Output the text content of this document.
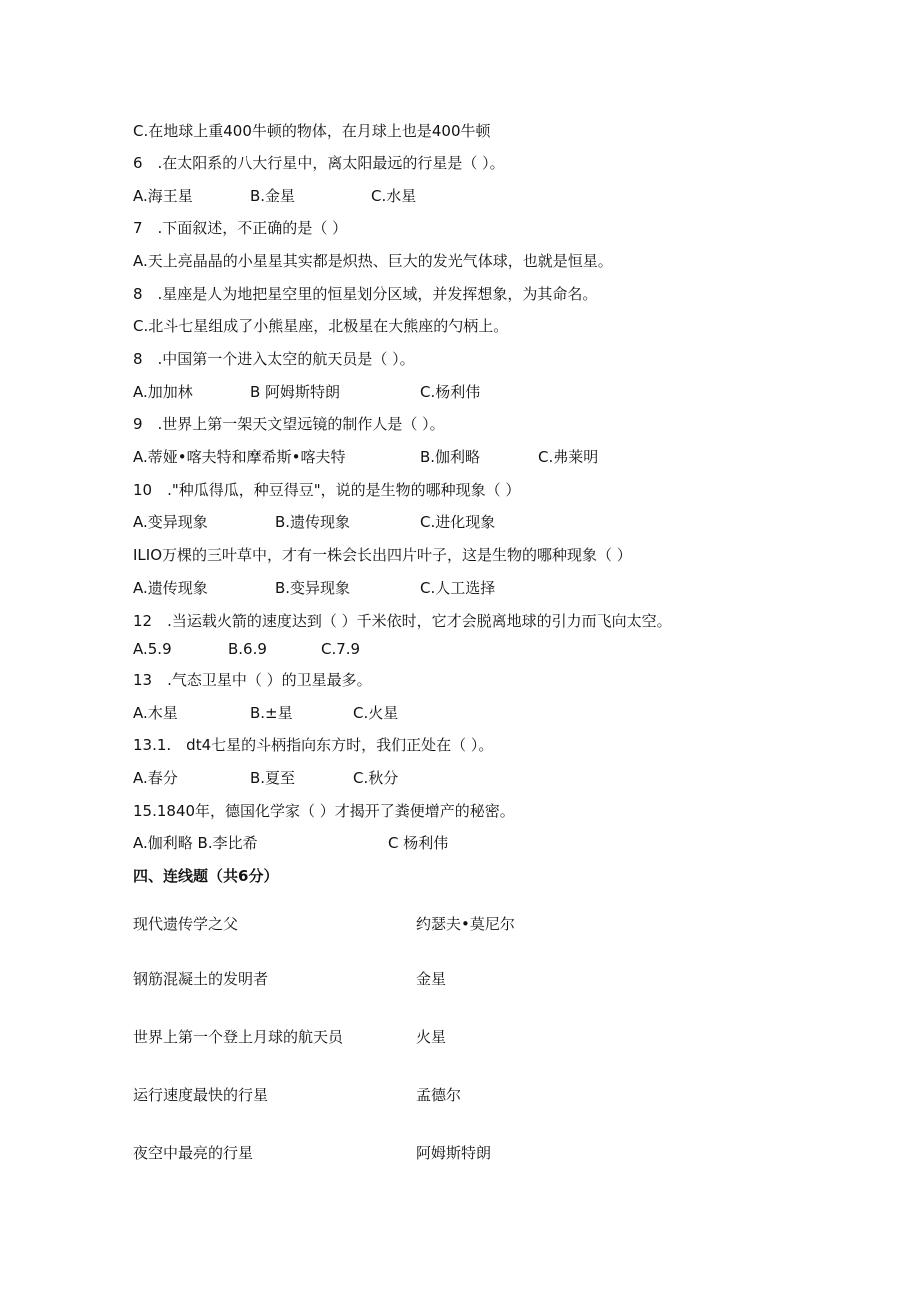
C.在地球上重400牛顿的物体，在月球上也是400牛顿
6　.在太阳系的八大行星中，离太阳最远的行星是（ ）。
A.海王星	B.金星	C.水星
7　.下面叙述，不正确的是（ ）
A.天上亮晶晶的小星星其实都是炽热、巨大的发光气体球，也就是恒星。
8　.星座是人为地把星空里的恒星划分区域，并发挥想象，为其命名。
C.北斗七星组成了小熊星座，北极星在大熊座的勺柄上。
8　.中国第一个进入太空的航天员是（ ）。
A.加加林	B 阿姆斯特朗	C.杨利伟
9　.世界上第一架天文望远镜的制作人是（ ）。
A.蒂娅•喀夫特和摩希斯•喀夫特	B.伽利略	C.弗莱明
10　."种瓜得瓜，种豆得豆"，说的是生物的哪种现象（ ）
A.变异现象	B.遗传现象	C.进化现象
ILIO万棵的三叶草中，才有一株会长出四片叶子，这是生物的哪种现象（ ）
A.遗传现象	B.变异现象	C.人工选择
12　.当运载火箭的速度达到（ ）千米依时，它才会脱离地球的引力而飞向太空。
A.5.9	B.6.9	C.7.9
13　.气态卫星中（ ）的卫星最多。
A.木星	B.±星	C.火星
13.1.　dt4七星的斗柄指向东方时，我们正处在（ ）。
A.春分	B.夏至	C.秋分
15.1840年，德国化学家（ ）才揭开了粪便增产的秘密。
A.伽利略 B.李比希	C 杨利伟
四、连线题（共6分）
现代遗传学之父	约瑟夫•莫尼尔
钢筋混凝土的发明者	金星
世界上第一个登上月球的航天员	火星
运行速度最快的行星	孟德尔
夜空中最亮的行星	阿姆斯特朗
